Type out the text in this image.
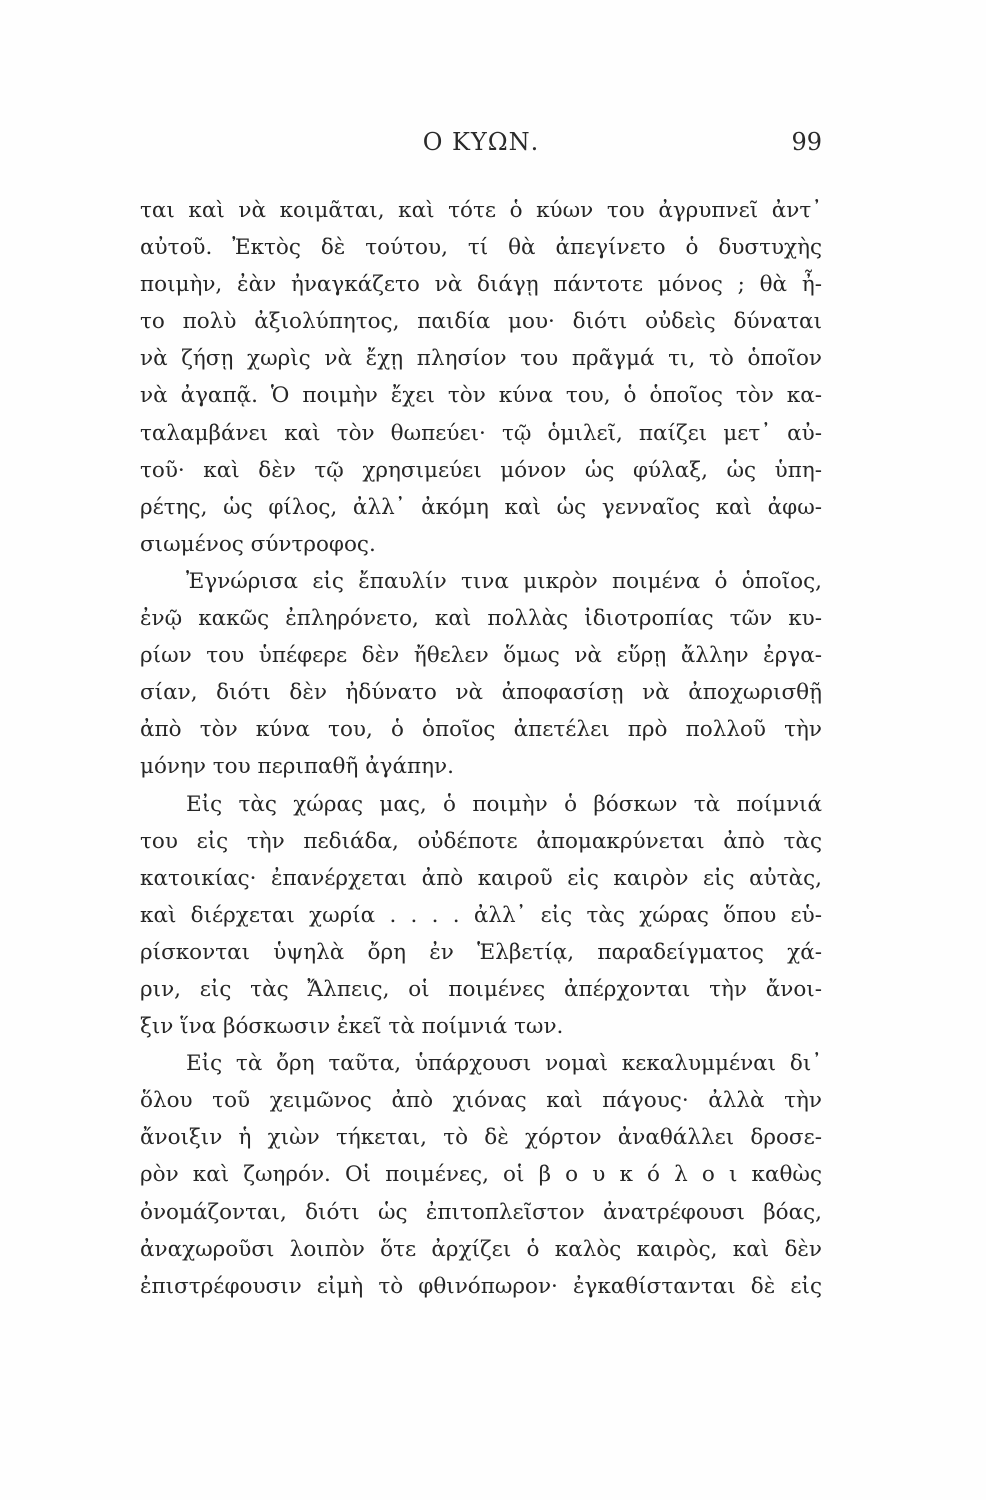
Ο ΚΥΩΝ.	99
ται καὶ νὰ κοιμᾶται, καὶ τότε ὁ κύων του ἀγρυπνεῖ ἀντ᾿
αὐτοῦ. Ἐκτὸς δὲ τούτου, τί θὰ ἀπεγίνετο ὁ δυστυχὴς
ποιμὴν, ἐὰν ἠναγκάζετο νὰ διάγῃ πάντοτε μόνος ; θὰ ἦ-
το πολὺ ἀξιολύπητος, παιδία μου· διότι οὐδεὶς δύναται
νὰ ζήσῃ χωρὶς νὰ ἔχῃ πλησίον του πρᾶγμά τι, τὸ ὁποῖον
νὰ ἀγαπᾷ. Ὁ ποιμὴν ἔχει τὸν κύνα του, ὁ ὁποῖος τὸν κα-
ταλαμβάνει καὶ τὸν θωπεύει· τῷ ὁμιλεῖ, παίζει μετ᾿ αὐ-
τοῦ· καὶ δὲν τῷ χρησιμεύει μόνον ὡς φύλαξ, ὡς ὑπη-
ρέτης, ὡς φίλος, ἀλλ᾿ ἀκόμη καὶ ὡς γενναῖος καὶ ἀφω-
σιωμένος σύντροφος.
Ἐγνώρισα εἰς ἔπαυλίν τινα μικρὸν ποιμένα ὁ ὁποῖος,
ἐνῷ κακῶς ἐπληρόνετο, καὶ πολλὰς ἰδιοτροπίας τῶν κυ-
ρίων του ὑπέφερε δὲν ἤθελεν ὅμως νὰ εὕρῃ ἄλλην ἐργα-
σίαν, διότι δὲν ἠδύνατο νὰ ἀποφασίσῃ νὰ ἀποχωρισθῇ
ἀπὸ τὸν κύνα του, ὁ ὁποῖος ἀπετέλει πρὸ πολλοῦ τὴν
μόνην του περιπαθῆ ἀγάπην.
Εἰς τὰς χώρας μας, ὁ ποιμὴν ὁ βόσκων τὰ ποίμνιά
του εἰς τὴν πεδιάδα, οὐδέποτε ἀπομακρύνεται ἀπὸ τὰς
κατοικίας· ἐπανέρχεται ἀπὸ καιροῦ εἰς καιρὸν εἰς αὐτὰς,
καὶ διέρχεται χωρία . . . . ἀλλ᾿ εἰς τὰς χώρας ὅπου εὑ-
ρίσκονται ὑψηλὰ ὄρη ἐν Ἑλβετίᾳ, παραδείγματος χά-
ριν, εἰς τὰς Ἄλπεις, οἱ ποιμένες ἀπέρχονται τὴν ἄνοι-
ξιν ἵνα βόσκωσιν ἐκεῖ τὰ ποίμνιά των.
Εἰς τὰ ὄρη ταῦτα, ὑπάρχουσι νομαὶ κεκαλυμμέναι δι᾿
ὅλου τοῦ χειμῶνος ἀπὸ χιόνας καὶ πάγους· ἀλλὰ τὴν
ἄνοιξιν ἡ χιὼν τήκεται, τὸ δὲ χόρτον ἀναθάλλει δροσε-
ρὸν καὶ ζωηρόν. Οἱ ποιμένες, οἱ β ο υ κ ό λ ο ι καθὼς
ὀνομάζονται, διότι ὡς ἐπιτοπλεῖστον ἀνατρέφουσι βόας,
ἀναχωροῦσι λοιπὸν ὅτε ἀρχίζει ὁ καλὸς καιρὸς, καὶ δὲν
ἐπιστρέφουσιν εἰμὴ τὸ φθινόπωρον· ἐγκαθίστανται δὲ εἰς
